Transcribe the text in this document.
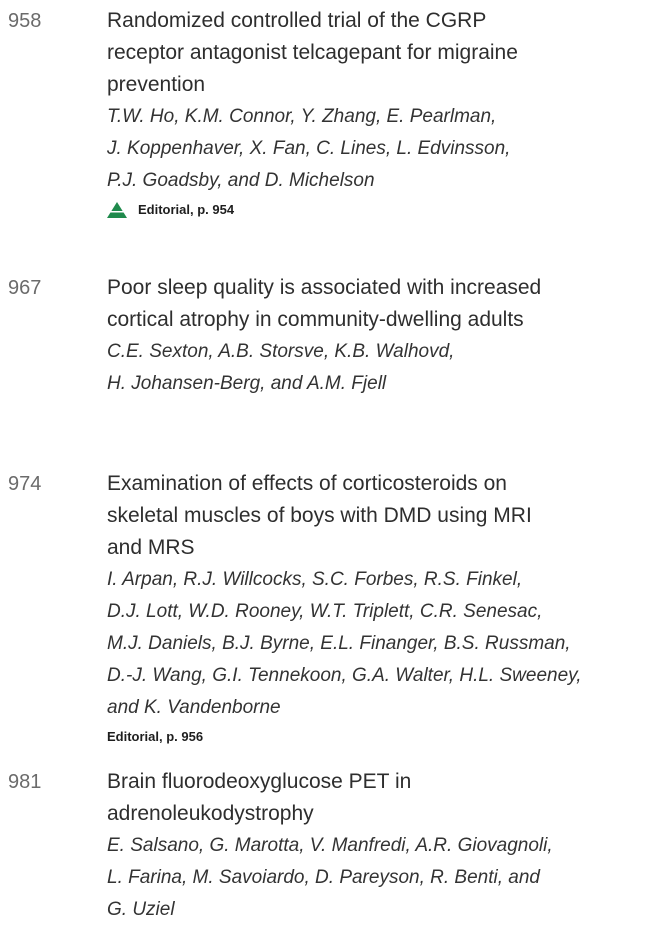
958	Randomized controlled trial of the CGRP

receptor antagonist telcagepant for migraine

prevention

T.W. Ho, K.M. Connor, Y. Zhang, E. Pearlman,

J. Koppenhaver, X. Fan, C. Lines, L. Edvinsson,

P.J. Goadsby, and D. Michelson

Editorial, p. 954

967	Poor sleep quality is associated with increased

cortical atrophy in community-dwelling adults

C.E. Sexton, A.B. Storsve, K.B. Walhovd,

H. Johansen-Berg, and A.M. Fjell

974	Examination of effects of corticosteroids on

skeletal muscles of boys with DMD using MRI

and MRS

I. Arpan, R.J. Willcocks, S.C. Forbes, R.S. Finkel,

D.J. Lott, W.D. Rooney, W.T. Triplett, C.R. Senesac,

M.J. Daniels, B.J. Byrne, E.L. Finanger, B.S. Russman,

D.-J. Wang, G.I. Tennekoon, G.A. Walter, H.L. Sweeney,

and K. Vandenborne

Editorial, p. 956

981	Brain fluorodeoxyglucose PET in

adrenoleukodystrophy

E. Salsano, G. Marotta, V. Manfredi, A.R. Giovagnoli,

L. Farina, M. Savoiardo, D. Pareyson, R. Benti, and

G. Uziel
